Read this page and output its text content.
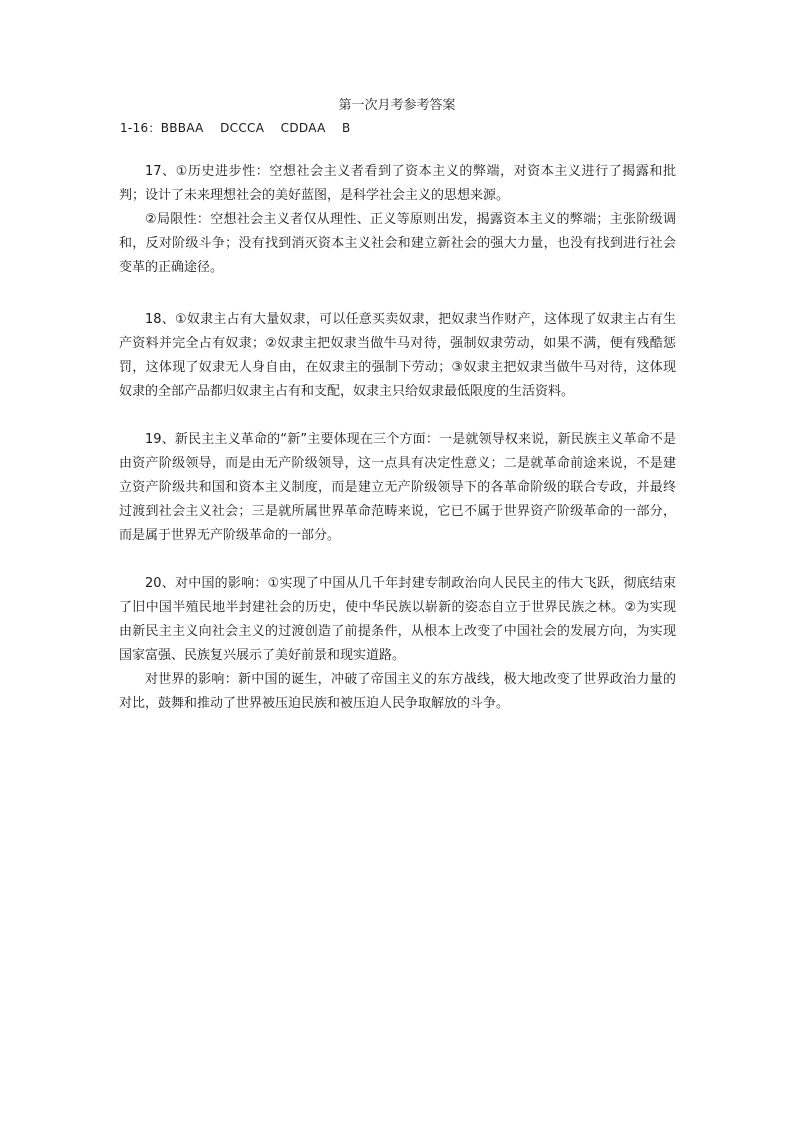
第一次月考参考答案
1-16：BBBAA    DCCCA    CDDAA    B

17、①历史进步性：空想社会主义者看到了资本主义的弊端，对资本主义进行了揭露和批判；设计了未来理想社会的美好蓝图，是科学社会主义的思想来源。

②局限性：空想社会主义者仅从理性、正义等原则出发，揭露资本主义的弊端；主张阶级调和，反对阶级斗争；没有找到消灭资本主义社会和建立新社会的强大力量，也没有找到进行社会变革的正确途径。

18、①奴隶主占有大量奴隶，可以任意买卖奴隶，把奴隶当作财产，这体现了奴隶主占有生产资料并完全占有奴隶；②奴隶主把奴隶当做牛马对待，强制奴隶劳动，如果不满，便有残酷惩罚，这体现了奴隶无人身自由，在奴隶主的强制下劳动；③奴隶主把奴隶当做牛马对待，这体现奴隶的全部产品都归奴隶主占有和支配，奴隶主只给奴隶最低限度的生活资料。

19、新民主主义革命的“新”主要体现在三个方面：一是就领导权来说，新民族主义革命不是由资产阶级领导，而是由无产阶级领导，这一点具有决定性意义；二是就革命前途来说，不是建立资产阶级共和国和资本主义制度，而是建立无产阶级领导下的各革命阶级的联合专政，并最终过渡到社会主义社会；三是就所属世界革命范畴来说，它已不属于世界资产阶级革命的一部分，而是属于世界无产阶级革命的一部分。

20、对中国的影响：①实现了中国从几千年封建专制政治向人民民主的伟大飞跃，彻底结束了旧中国半殖民地半封建社会的历史，使中华民族以崭新的姿态自立于世界民族之林。②为实现由新民主主义向社会主义的过渡创造了前提条件，从根本上改变了中国社会的发展方向，为实现国家富强、民族复兴展示了美好前景和现实道路。

对世界的影响：新中国的诞生，冲破了帝国主义的东方战线，极大地改变了世界政治力量的对比，鼓舞和推动了世界被压迫民族和被压迫人民争取解放的斗争。
